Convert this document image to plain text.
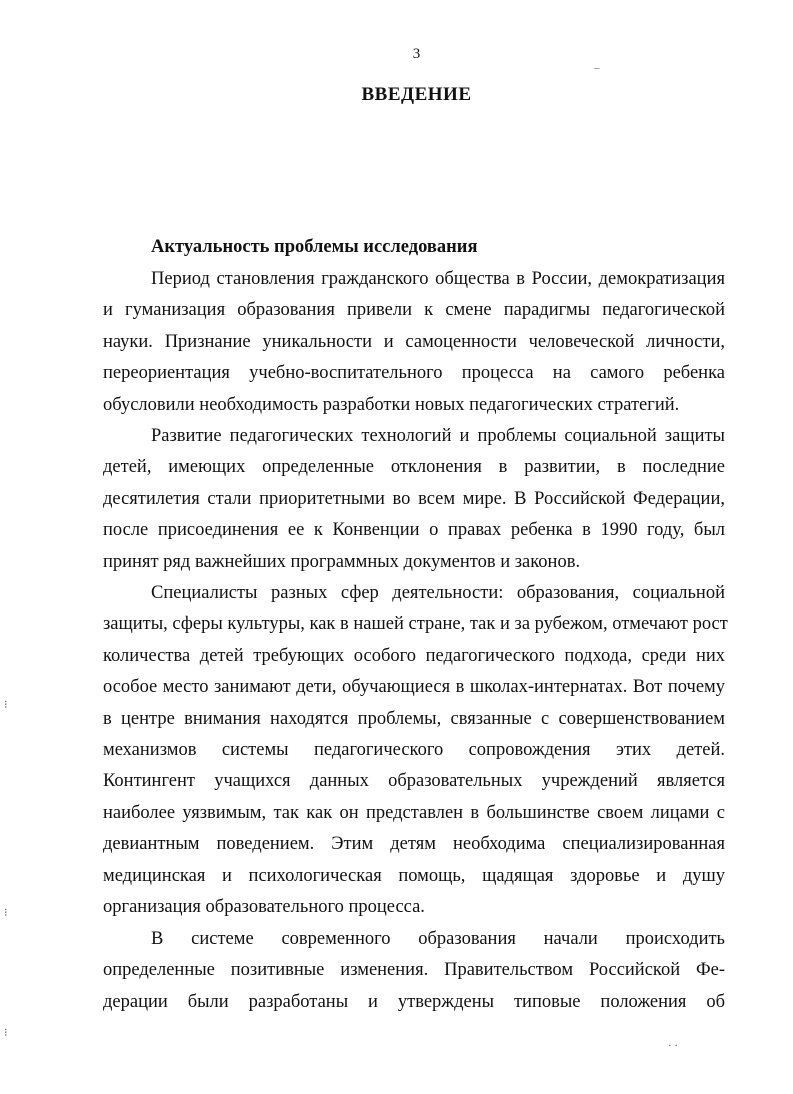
3
ВВЕДЕНИЕ
Актуальность проблемы исследования
Период становления гражданского общества в России, демократизация
и гуманизация образования привели к смене парадигмы педагогической
науки. Признание уникальности и самоценности человеческой личности,
переориентация учебно-воспитательного процесса на самого ребенка
обусловили необходимость разработки новых педагогических стратегий.
Развитие педагогических технологий и проблемы социальной защиты
детей, имеющих определенные отклонения в развитии, в последние
десятилетия стали приоритетными во всем мире. В Российской Федерации,
после присоединения ее к Конвенции о правах ребенка в 1990 году, был
принят ряд важнейших программных документов и законов.
Специалисты разных сфер деятельности: образования, социальной
защиты, сферы культуры, как в нашей стране, так и за рубежом, отмечают рост
количества детей требующих особого педагогического подхода, среди них
особое место занимают дети, обучающиеся в школах-интернатах. Вот почему
в центре внимания находятся проблемы, связанные с совершенствованием
механизмов системы педагогического сопровождения этих детей.
Контингент учащихся данных образовательных учреждений является
наиболее уязвимым, так как он представлен в большинстве своем лицами с
девиантным поведением. Этим детям необходима специализированная
медицинская и психологическая помощь, щадящая здоровье и душу
организация образовательного процесса.
В системе современного образования начали происходить
определенные позитивные изменения. Правительством Российской Фе-
дерации были разработаны и утверждены типовые положения об
‒
⁝
⁝
⁝
· ·
